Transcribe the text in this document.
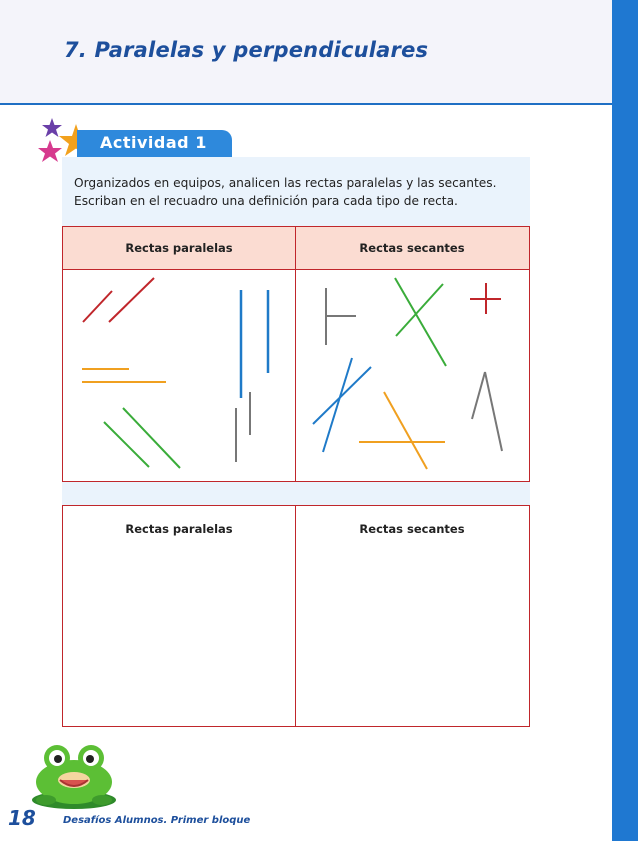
7. Paralelas y perpendiculares
Actividad 1

Organizados en equipos, analicen las rectas paralelas y las secantes. Escriban en el recuadro una definición para cada tipo de recta.

Rectas paralelas	Rectas secantes
Rectas paralelas	Rectas secantes
18	Desafíos Alumnos. Primer bloque
